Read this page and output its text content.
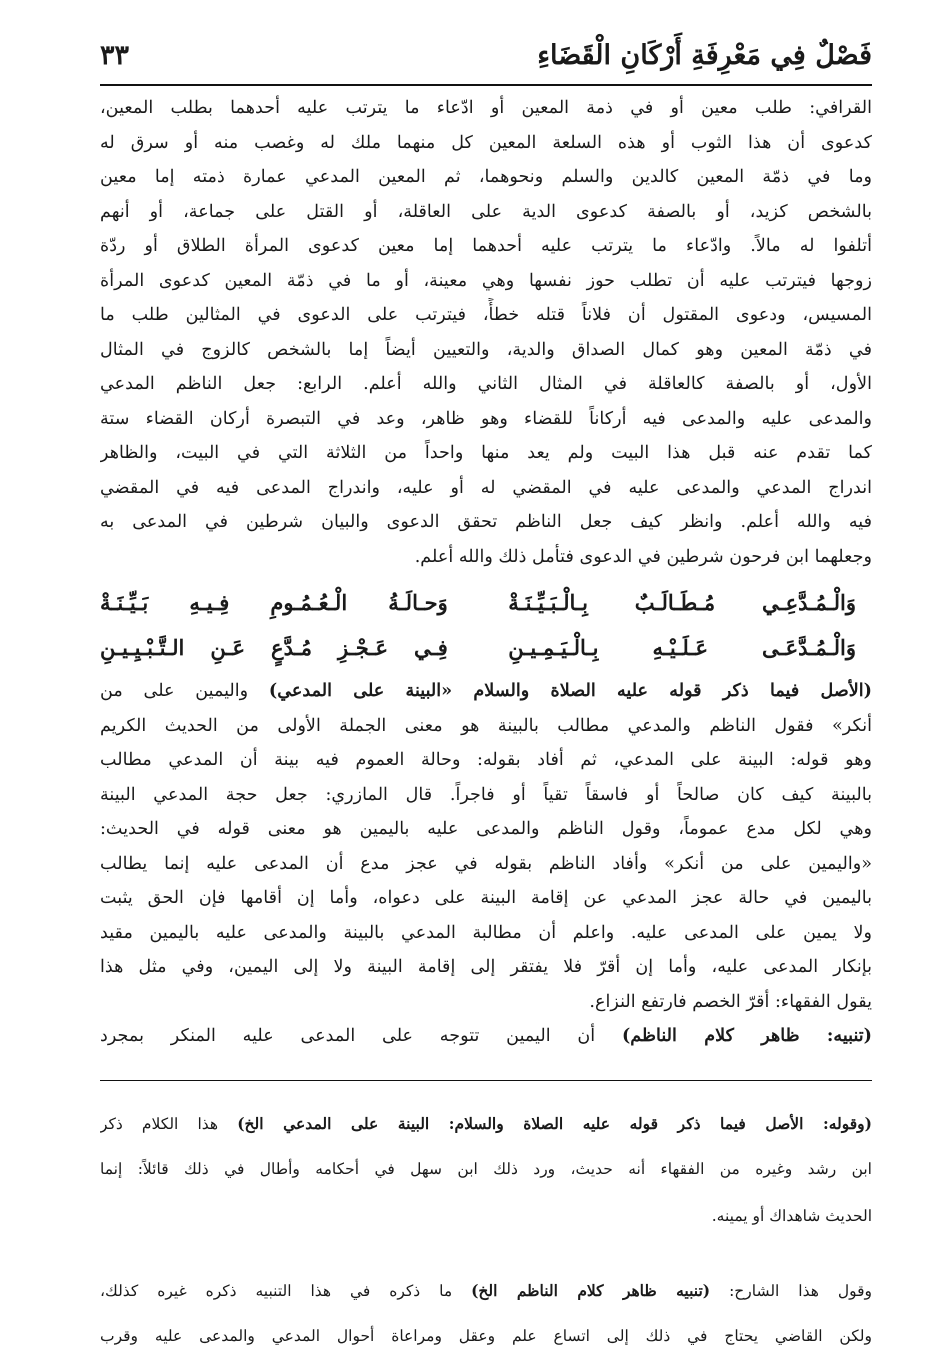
فَصْلٌ فِي مَعْرِفَةِ أَرْكَانِ الْقَضَاءِ
٣٣

القرافي: طلب معين أو في ذمة المعين أو ادّعاء ما يترتب عليه أحدهما بطلب المعين،

كدعوى أن هذا الثوب أو هذه السلعة المعين كل منهما ملك له وغصب منه أو سرق له

وما في ذمّة المعين كالدين والسلم ونحوهما، ثم المعين المدعي عمارة ذمته إما معين

بالشخص كزيد، أو بالصفة كدعوى الدية على العاقلة، أو القتل على جماعة، أو أنهم

أتلفوا له مالاً. وادّعاء ما يترتب عليه أحدهما إما معين كدعوى المرأة الطلاق أو ردّة

زوجها فيترتب عليه أن تطلب حوز نفسها وهي معينة، أو ما في ذمّة المعين كدعوى المرأة

المسيس، ودعوى المقتول أن فلاناً قتله خطأً، فيترتب على الدعوى في المثالين طلب ما

في ذمّة المعين وهو كمال الصداق والدية، والتعيين أيضاً إما بالشخص كالزوج في المثال

الأول، أو بالصفة كالعاقلة في المثال الثاني والله أعلم. الرابع: جعل الناظم المدعي

والمدعى عليه والمدعى فيه أركاناً للقضاء وهو ظاهر، وعد في التبصرة أركان القضاء ستة

كما تقدم عنه قبل هذا البيت ولم يعد منها واحداً من الثلاثة التي في البيت، والظاهر

اندراج المدعي والمدعى عليه في المقضي له أو عليه، واندراج المدعى فيه في المقضي

فيه والله أعلم. وانظر كيف جعل الناظم تحقق الدعوى والبيان شرطين في المدعى به

وجعلهما ابن فرحون شرطين في الدعوى فتأمل ذلك والله أعلم.

وَالْـمُـدَّعِـي مُـطَـالَـبٌ بِـالْـبَـيِّـنَـةْ
وَحـالَـةُ الْـعُـمُـومِ فِـيـهِ بَـيِّـنَـةْ
وَالْـمُـدَّعَـى عَـلَـيْـهِ بِـالْـيَـمِـيـنِ
فِـي عَـجْـزِ مُـدَّعٍ عَـنِ الـتَّـبْـيِـيـنِ

(الأصل فيما ذكر قوله عليه الصلاة والسلام «البينة على المدعي) واليمين على من

أنكر» فقول الناظم والمدعي مطالب بالبينة هو معنى الجملة الأولى من الحديث الكريم

وهو قوله: البينة على المدعي، ثم أفاد بقوله: وحالة العموم فيه بينة أن المدعي مطالب

بالبينة كيف كان صالحاً أو فاسقاً تقياً أو فاجراً. قال المازري: جعل حجة المدعي البينة

وهي لكل مدع عموماً، وقول الناظم والمدعى عليه باليمين هو معنى قوله في الحديث:

«واليمين على من أنكر» وأفاد الناظم بقوله في عجز مدع أن المدعى عليه إنما يطالب

باليمين في حالة عجز المدعي عن إقامة البينة على دعواه، وأما إن أقامها فإن الحق يثبت

ولا يمين على المدعى عليه. واعلم أن مطالبة المدعي بالبينة والمدعى عليه باليمين مقيد

بإنكار المدعى عليه، وأما إن أقرّ فلا يفتقر إلى إقامة البينة ولا إلى اليمين، وفي مثل هذا

يقول الفقهاء: أقرّ الخصم فارتفع النزاع.

(تنبيه: ظاهر كلام الناظم) أن اليمين تتوجه على المدعى عليه المنكر بمجرد

(وقوله: الأصل فيما ذكر قوله عليه الصلاة والسلام: البينة على المدعي الخ) هذا الكلام ذكر

ابن رشد وغيره من الفقهاء أنه حديث، ورد ذلك ابن سهل في أحكامه وأطال في ذلك قائلاً: إنما

الحديث شاهداك أو يمينه.

وقول هذا الشارح: (تنبيه ظاهر كلام الناظم الخ) ما ذكره في هذا التنبيه ذكره غيره كذلك،

ولكن القاضي يحتاج في ذلك إلى اتساع علم وعقل ومراعاة أحوال المدعي والمدعى عليه وقرب
